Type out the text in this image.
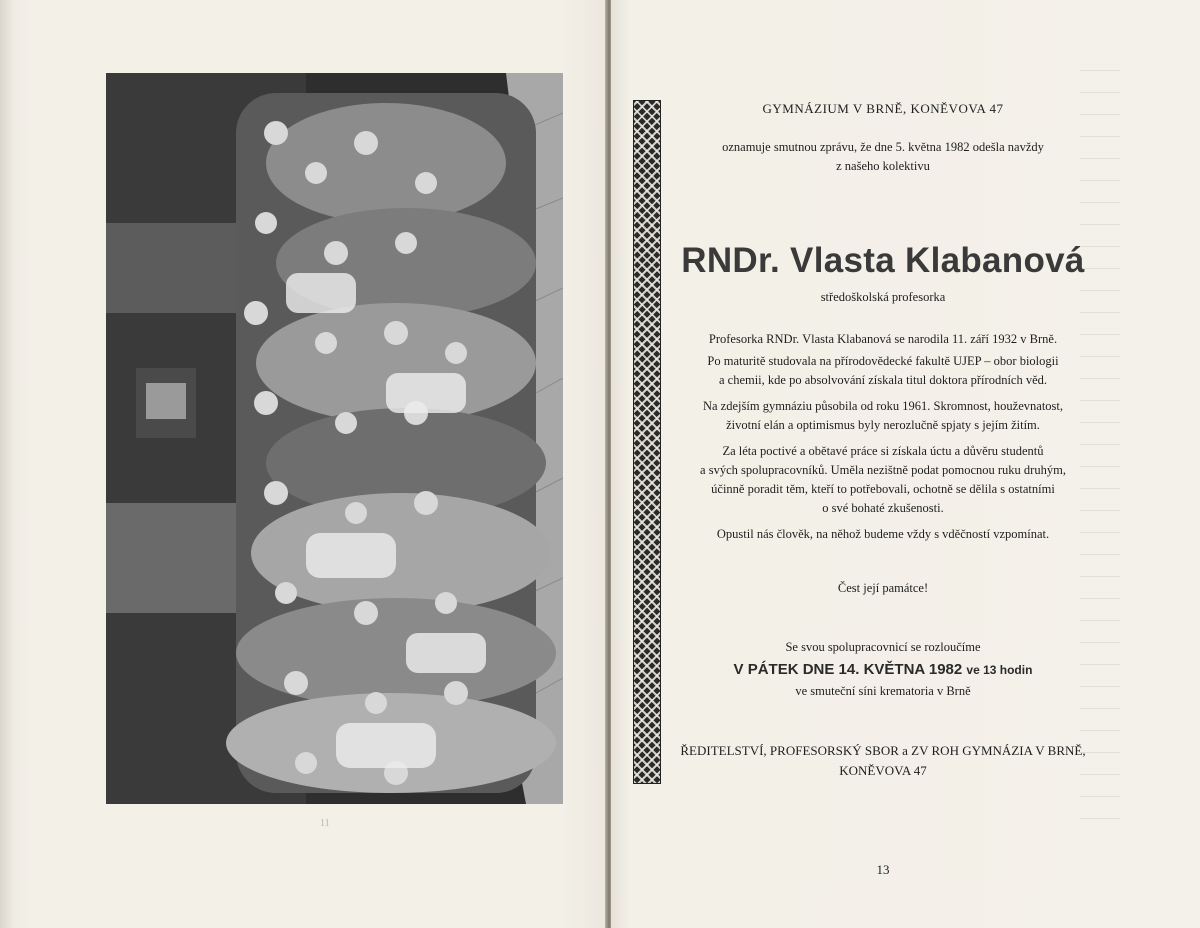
11

GYMNÁZIUM V BRNĚ, KONĚVOVA 47

oznamuje smutnou zprávu, že dne 5. května 1982 odešla navždy
z našeho kolektivu

RNDr. Vlasta Klabanová

středoškolská profesorka

Profesorka RNDr. Vlasta Klabanová se narodila 11. září 1932 v Brně.

Po maturitě studovala na přírodovědecké fakultě UJEP – obor biologii
a chemii, kde po absolvování získala titul doktora přírodních věd.

Na zdejším gymnáziu působila od roku 1961. Skromnost, houževnatost,
životní elán a optimismus byly nerozlučně spjaty s jejím žitím.

Za léta poctivé a obětavé práce si získala úctu a důvěru studentů
a svých spolupracovníků. Uměla nezištně podat pomocnou ruku druhým,
účinně poradit těm, kteří to potřebovali, ochotně se dělila s ostatními
o své bohaté zkušenosti.

Opustil nás člověk, na něhož budeme vždy s vděčností vzpomínat.

Čest její památce!

Se svou spolupracovnicí se rozloučíme

V PÁTEK DNE 14. KVĚTNA 1982 ve 13 hodin

ve smuteční síni krematoria v Brně

ŘEDITELSTVÍ, PROFESORSKÝ SBOR a ZV ROH GYMNÁZIA V BRNĚ,
KONĚVOVA 47

13
